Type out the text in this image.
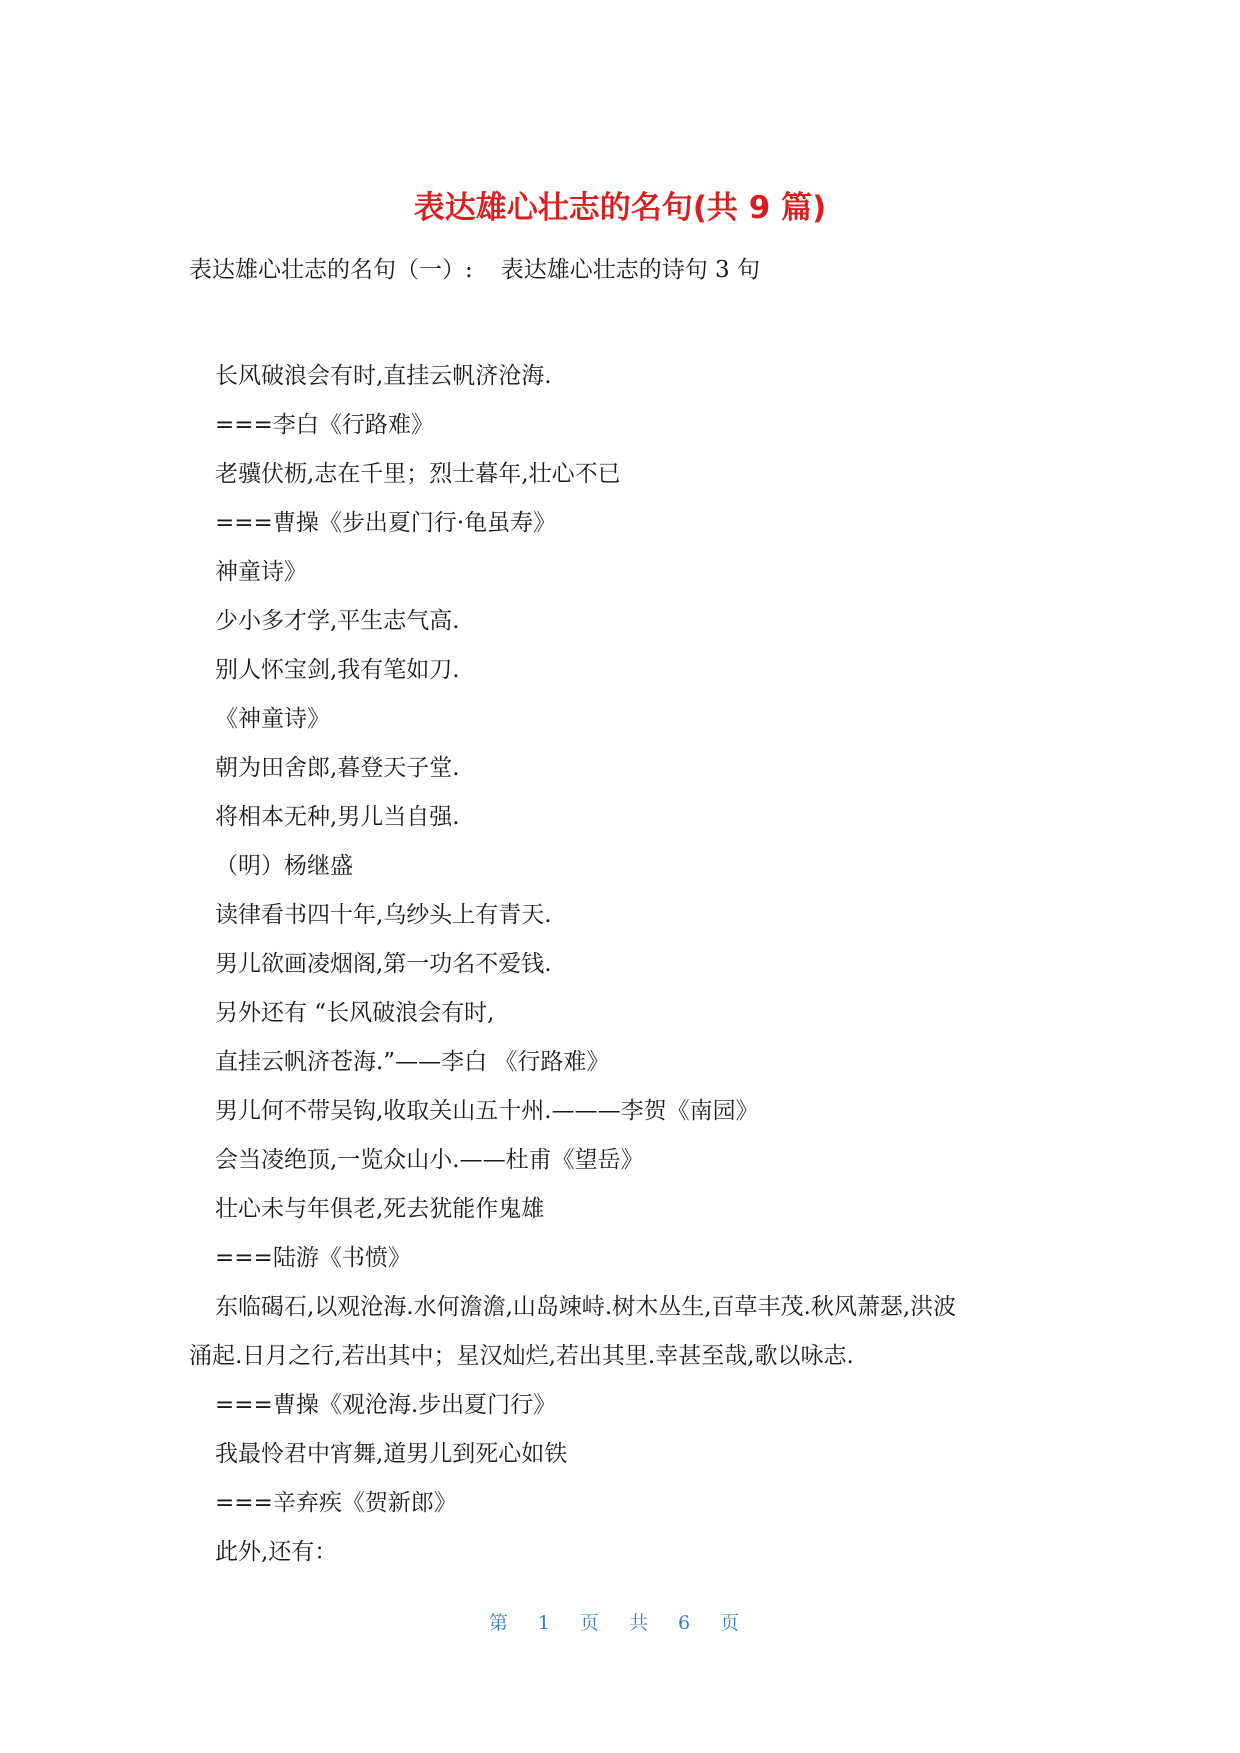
表达雄心壮志的名句(共 9 篇)

表达雄心壮志的名句（一）: 表达雄心壮志的诗句 3 句

长风破浪会有时,直挂云帆济沧海.
===李白《行路难》
老骥伏枥,志在千里；烈士暮年,壮心不已
===曹操《步出夏门行·龟虽寿》
神童诗》
少小多才学,平生志气高.
别人怀宝剑,我有笔如刀.
《神童诗》
朝为田舍郎,暮登天子堂.
将相本无种,男儿当自强.
（明）杨继盛
读律看书四十年,乌纱头上有青天.
男儿欲画凌烟阁,第一功名不爱钱.
另外还有 “长风破浪会有时,
直挂云帆济苍海.”——李白 《行路难》
男儿何不带吴钩,收取关山五十州.———李贺《南园》
会当凌绝顶,一览众山小.——杜甫《望岳》
壮心未与年俱老,死去犹能作鬼雄
===陆游《书愤》
东临碣石,以观沧海.水何澹澹,山岛竦峙.树木丛生,百草丰茂.秋风萧瑟,洪波
涌起.日月之行,若出其中；星汉灿烂,若出其里.幸甚至哉,歌以咏志.
===曹操《观沧海.步出夏门行》
我最怜君中宵舞,道男儿到死心如铁
===辛弃疾《贺新郎》
此外,还有：

第 1 页 共 6 页
